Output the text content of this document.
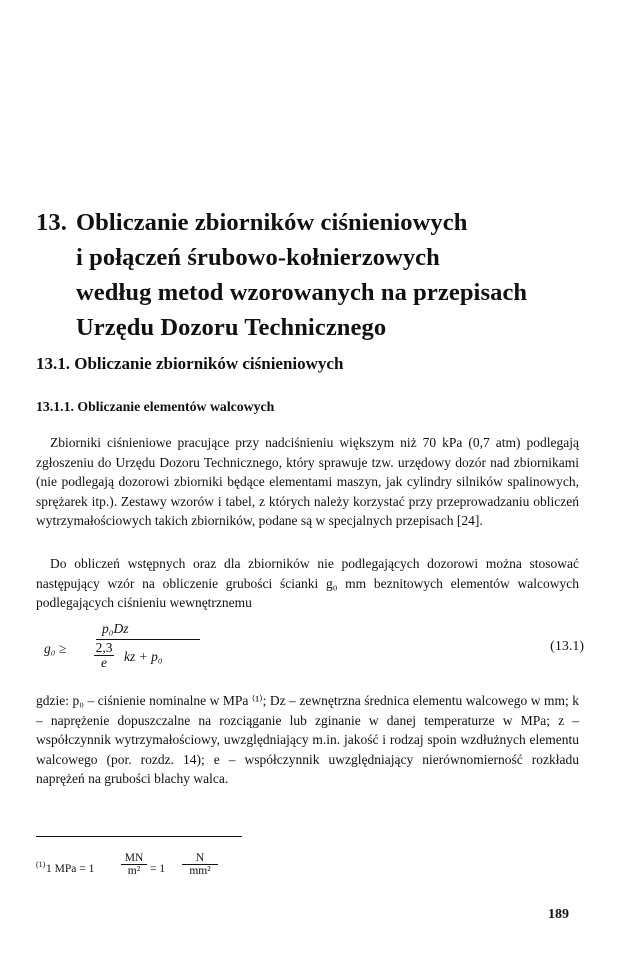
13. Obliczanie zbiorników ciśnieniowych
i połączeń śrubowo-kołnierzowych
według metod wzorowanych na przepisach
Urzędu Dozoru Technicznego
13.1. Obliczanie zbiorników ciśnieniowych
13.1.1. Obliczanie elementów walcowych

Zbiorniki ciśnieniowe pracujące przy nadciśnieniu większym niż 70 kPa (0,7 atm) podlegają zgłoszeniu do Urzędu Dozoru Technicznego, który sprawuje tzw. urzędowy dozór nad zbiornikami (nie podlegają dozorowi zbiorniki będące elementami maszyn, jak cylindry silników spalinowych, sprężarek itp.). Zestawy wzorów i tabel, z których należy korzystać przy przeprowadzaniu obliczeń wytrzymałościowych takich zbiorników, podane są w specjalnych przepisach [24].

Do obliczeń wstępnych oraz dla zbiorników nie podlegających dozorowi można stosować następujący wzór na obliczenie grubości ścianki g₀ mm beznitowych elementów walcowych podlegających ciśnieniu wewnętrznemu

g₀ ≥
p₀Dz
$\frac{2,3}{e}$ kz + p₀
(13.1)

gdzie: p₀ – ciśnienie nominalne w MPa ⁽¹⁾; Dz – zewnętrzna średnica elementu walcowego w mm; k – naprężenie dopuszczalne na rozciąganie lub zginanie w danej temperaturze w MPa; z – współczynnik wytrzymałościowy, uwzględniający m.in. jakość i rodzaj spoin wzdłużnych elementu walcowego (por. rozdz. 14); e – współczynnik uwzględniający nierównomierność rozkładu naprężeń na grubości blachy walca.

(1) 1 MPa = $1 \frac{MN}{\text{m²}} = 1 \frac{N}{\text{mm²}}$
189
